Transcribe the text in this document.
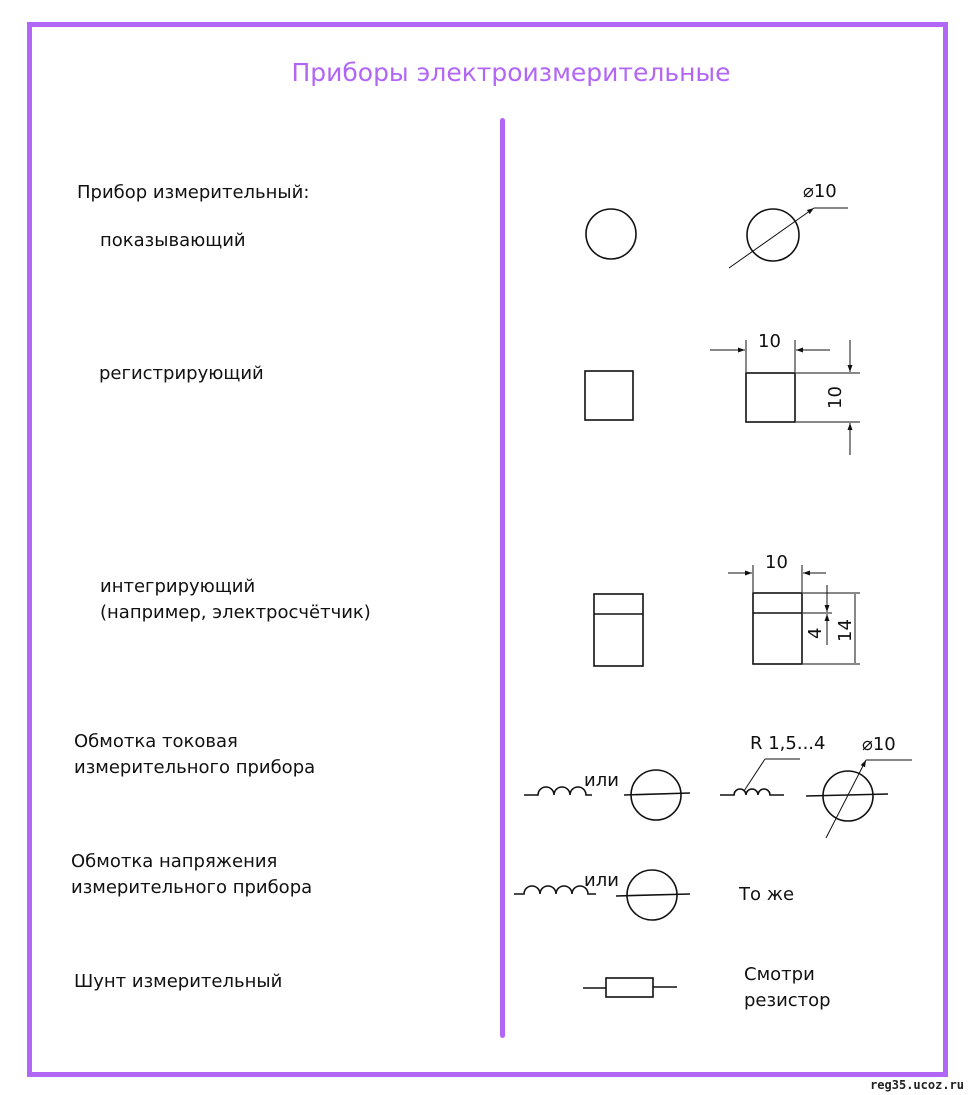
Приборы электроизмерительные
Прибор измерительный:
показывающий
регистрирующий
интегрирующий
(например, электросчётчик)
Обмотка токовая
измерительного прибора
Обмотка напряжения
измерительного прибора
Шунт измерительный
То же
Смотри
резистор
или
или
⌀10
10
10
10
4 14
R 1,5...4 ⌀10
reg35.ucoz.ru
